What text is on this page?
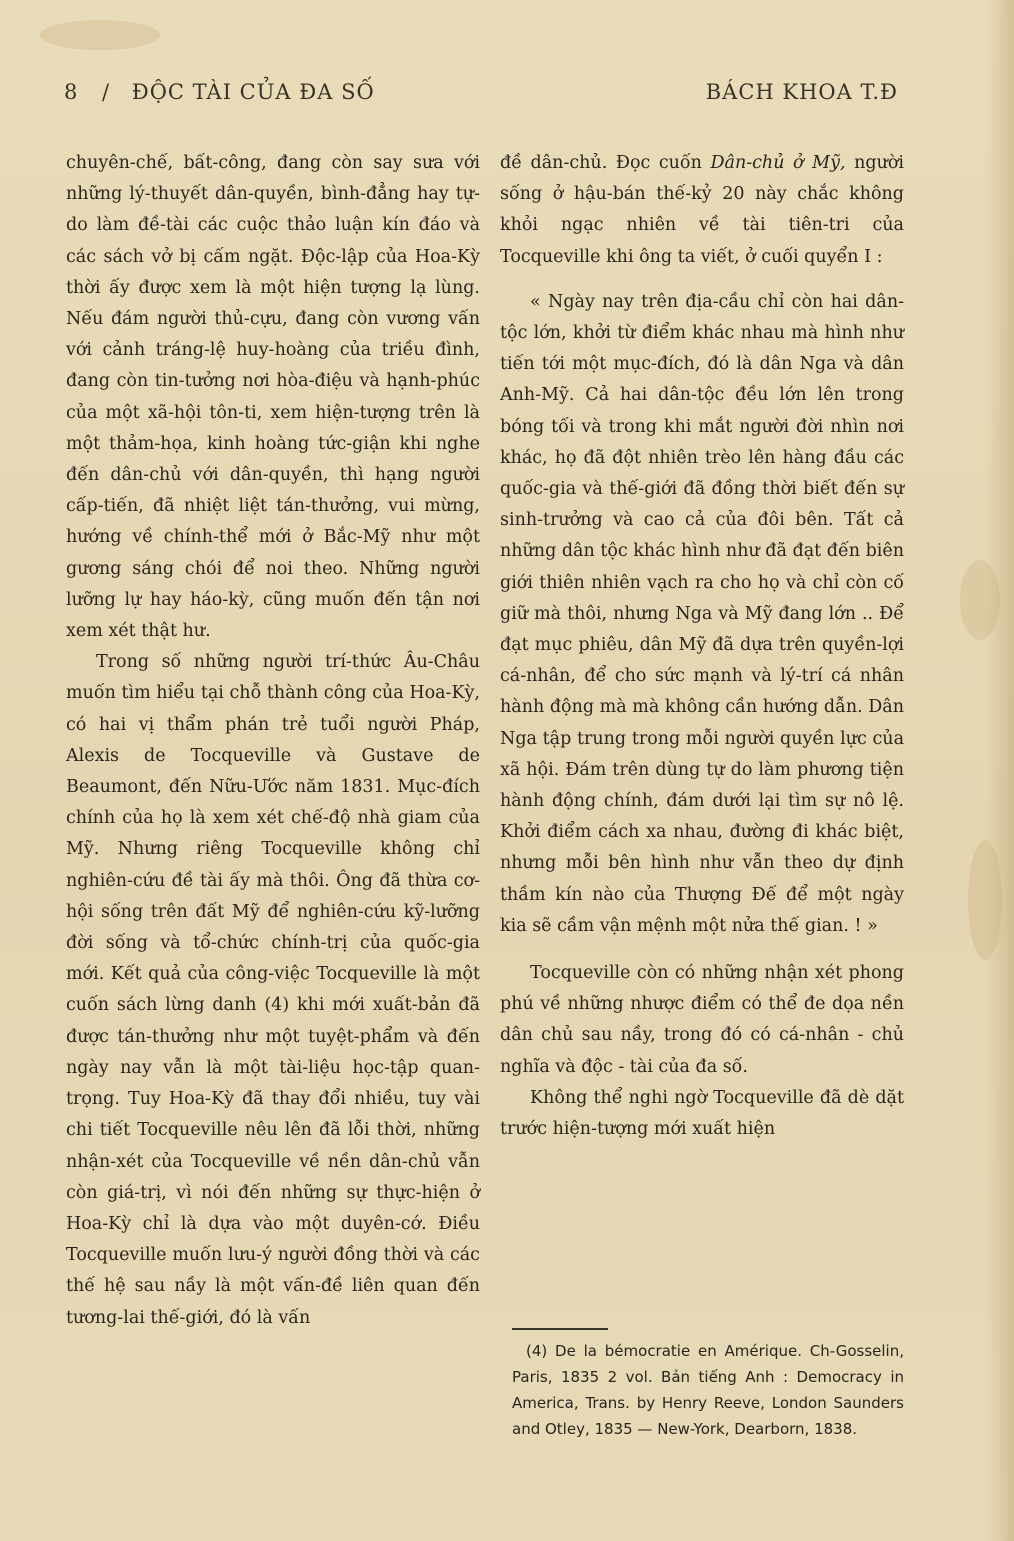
8 / ĐỘC TÀI CỦA ĐA SỐ	BÁCH KHOA T.Đ

chuyên-chế, bất-công, đang còn say sưa với những lý-thuyết dân-quyền, bình-đẳng hay tự-do làm đề-tài các cuộc thảo luận kín đáo và các sách vở bị cấm ngặt. Độc-lập của Hoa-Kỳ thời ấy được xem là một hiện tượng lạ lùng. Nếu đám người thủ-cựu, đang còn vương vấn với cảnh tráng-lệ huy-hoàng của triều đình, đang còn tin-tưởng nơi hòa-điệu và hạnh-phúc của một xã-hội tôn-ti, xem hiện-tượng trên là một thảm-họa, kinh hoàng tức-giận khi nghe đến dân-chủ với dân-quyền, thì hạng người cấp-tiến, đã nhiệt liệt tán-thưởng, vui mừng, hướng về chính-thể mới ở Bắc-Mỹ như một gương sáng chói để noi theo. Những người lưỡng lự hay háo-kỳ, cũng muốn đến tận nơi xem xét thật hư.

Trong số những người trí-thức Âu-Châu muốn tìm hiểu tại chỗ thành công của Hoa-Kỳ, có hai vị thẩm phán trẻ tuổi người Pháp, Alexis de Tocqueville và Gustave de Beaumont, đến Nữu-Ước năm 1831. Mục-đích chính của họ là xem xét chế-độ nhà giam của Mỹ. Nhưng riêng Tocqueville không chỉ nghiên-cứu đề tài ấy mà thôi. Ông đã thừa cơ-hội sống trên đất Mỹ để nghiên-cứu kỹ-lưỡng đời sống và tổ-chức chính-trị của quốc-gia mới. Kết quả của công-việc Tocqueville là một cuốn sách lừng danh (4) khi mới xuất-bản đã được tán-thưởng như một tuyệt-phẩm và đến ngày nay vẫn là một tài-liệu học-tập quan-trọng. Tuy Hoa-Kỳ đã thay đổi nhiều, tuy vài chi tiết Tocqueville nêu lên đã lỗi thời, những nhận-xét của Tocqueville về nền dân-chủ vẫn còn giá-trị, vì nói đến những sự thực-hiện ở Hoa-Kỳ chỉ là dựa vào một duyên-cớ. Điều Tocqueville muốn lưu-ý người đồng thời và các thế hệ sau nầy là một vấn-đề liên quan đến tương-lai thế-giới, đó là vấn

đề dân-chủ. Đọc cuốn Dân-chủ ở Mỹ, người sống ở hậu-bán thế-kỷ 20 này chắc không khỏi ngạc nhiên về tài tiên-tri của Tocqueville khi ông ta viết, ở cuối quyển I :

« Ngày nay trên địa-cầu chỉ còn hai dân-tộc lớn, khởi từ điểm khác nhau mà hình như tiến tới một mục-đích, đó là dân Nga và dân Anh-Mỹ. Cả hai dân-tộc đều lớn lên trong bóng tối và trong khi mắt người đời nhìn nơi khác, họ đã đột nhiên trèo lên hàng đầu các quốc-gia và thế-giới đã đồng thời biết đến sự sinh-trưởng và cao cả của đôi bên. Tất cả những dân tộc khác hình như đã đạt đến biên giới thiên nhiên vạch ra cho họ và chỉ còn cố giữ mà thôi, nhưng Nga và Mỹ đang lớn .. Để đạt mục phiêu, dân Mỹ đã dựa trên quyền-lợi cá-nhân, để cho sức mạnh và lý-trí cá nhân hành động mà mà không cần hướng dẫn. Dân Nga tập trung trong mỗi người quyền lực của xã hội. Đám trên dùng tự do làm phương tiện hành động chính, đám dưới lại tìm sự nô lệ. Khởi điểm cách xa nhau, đường đi khác biệt, nhưng mỗi bên hình như vẫn theo dự định thầm kín nào của Thượng Đế để một ngày kia sẽ cầm vận mệnh một nửa thế gian. ! »

Tocqueville còn có những nhận xét phong phú về những nhược điểm có thể đe dọa nền dân chủ sau nầy, trong đó có cá-nhân - chủ nghĩa và độc - tài của đa số.

Không thể nghi ngờ Tocqueville đã dè dặt trước hiện-tượng mới xuất hiện

(4) De la bémocratie en Amérique. Ch-Gosselin, Paris, 1835 2 vol. Bản tiếng Anh : Democracy in America, Trans. by Henry Reeve, London Saunders and Otley, 1835 — New-York, Dearborn, 1838.
